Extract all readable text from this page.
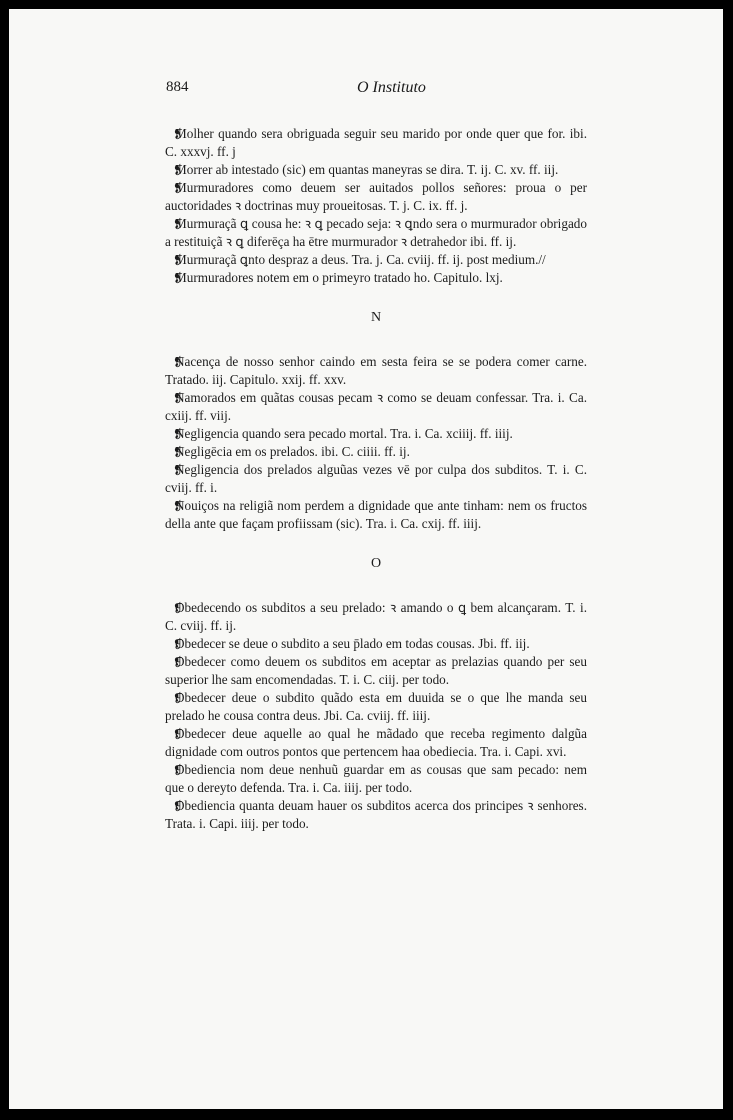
884	O Instituto

❡ Molher quando sera obriguada seguir seu marido por onde quer que for. ibi. C. xxxvj. ff. j

❡ Morrer ab intestado (sic) em quantas maneyras se dira. T. ij. C. xv. ff. iij.

❡ Murmuradores como deuem ser auitados pollos señores: proua o per auctoridades ꝛ doctrinas muy proueitosas. T. j. C. ix. ff. j.

❡ Murmuraçã ꝗ cousa he: ꝛ ꝗ pecado seja: ꝛ ꝗndo sera o murmurador obrigado a restituiçã ꝛ ꝗ diferēça ha ētre murmurador ꝛ detrahedor ibi. ff. ij.

❡ Murmuraçã ꝗnto despraz a deus. Tra. j. Ca. cviij. ff. ij. post medium.//

❡ Murmuradores notem em o primeyro tratado ho. Capitulo. lxj.

N

❡ Nacença de nosso senhor caindo em sesta feira se se podera comer carne. Tratado. iij. Capitulo. xxij. ff. xxv.

❡ Namorados em quãtas cousas pecam ꝛ como se deuam confessar. Tra. i. Ca. cxiij. ff. viij.

❡ Negligencia quando sera pecado mortal. Tra. i. Ca. xciiij. ff. iiij.

❡ Negligēcia em os prelados. ibi. C. ciiii. ff. ij.

❡ Negligencia dos prelados alguũas vezes vē por culpa dos subditos. T. i. C. cviij. ff. i.

❡ Nouiços na religiã nom perdem a dignidade que ante tinham: nem os fructos della ante que façam profiissam (sic). Tra. i. Ca. cxij. ff. iiij.

O

❡ Obedecendo os subditos a seu prelado: ꝛ amando o ꝗ bem alcançaram. T. i. C. cviij. ff. ij.

❡ Obedecer se deue o subdito a seu p̄lado em todas cousas. Jbi. ff. iij.

❡ Obedecer como deuem os subditos em aceptar as prelazias quando per seu superior lhe sam encomendadas. T. i. C. ciij. per todo.

❡ Obedecer deue o subdito quãdo esta em duuida se o que lhe manda seu prelado he cousa contra deus. Jbi. Ca. cviij. ff. iiij.

❡ Obedecer deue aquelle ao qual he mãdado que receba regimento dalgũa dignidade com outros pontos que pertencem haa obediecia. Tra. i. Capi. xvi.

❡ Obediencia nom deue nenhuũ guardar em as cousas que sam pecado: nem que o dereyto defenda. Tra. i. Ca. iiij. per todo.

❡ Obediencia quanta deuam hauer os subditos acerca dos principes ꝛ senhores. Trata. i. Capi. iiij. per todo.
